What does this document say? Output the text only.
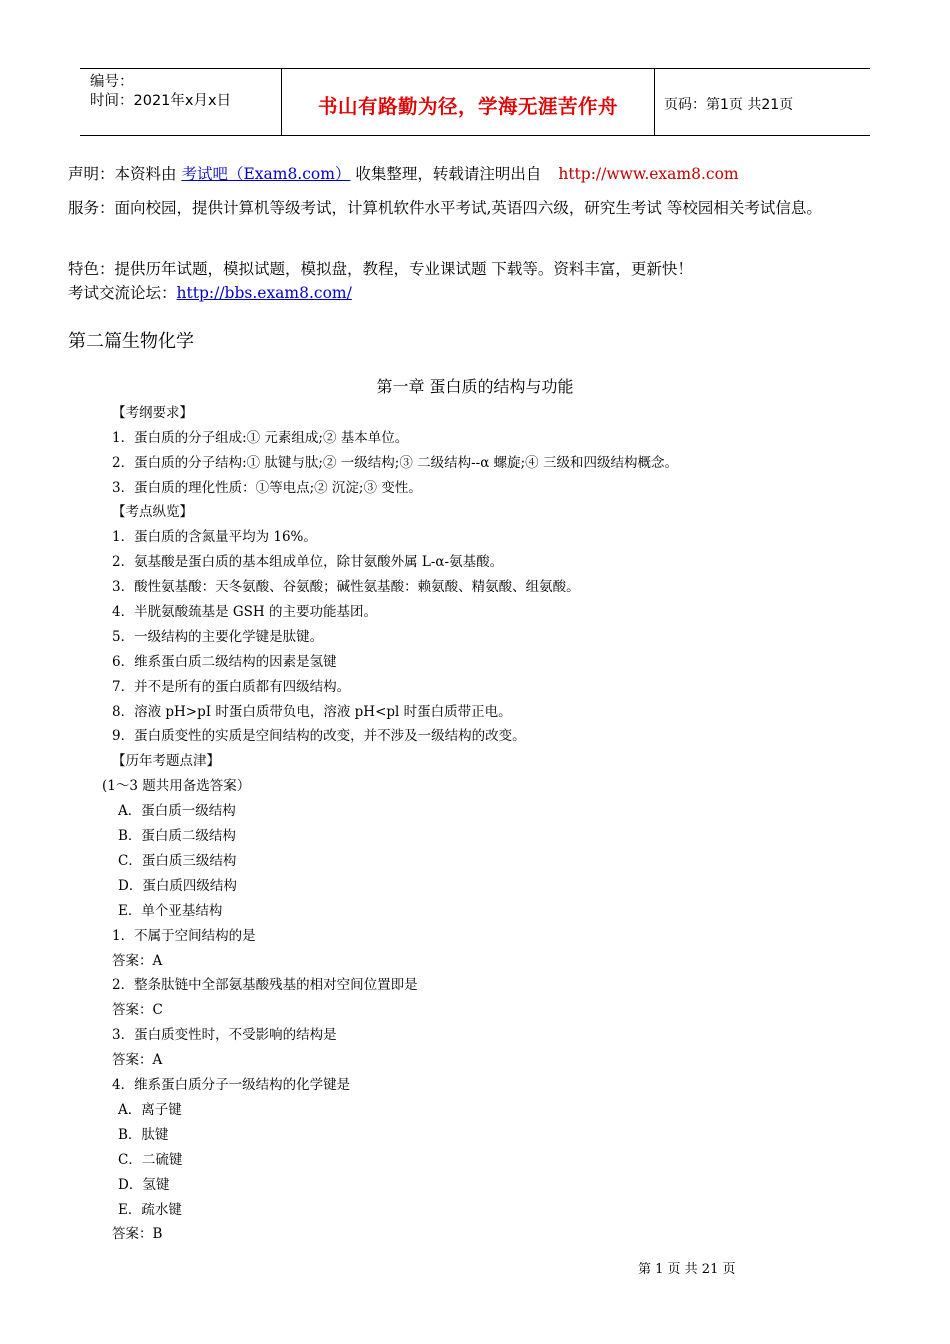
编号：
时间：2021年x月x日	书山有路勤为径，学海无涯苦作舟	页码：第1页 共21页
声明：本资料由 考试吧（Exam8.com） 收集整理，转载请注明出自 http://www.exam8.com
服务：面向校园，提供计算机等级考试，计算机软件水平考试,英语四六级，研究生考试 等校园相关考试信息。
特色：提供历年试题，模拟试题，模拟盘，教程，专业课试题 下载等。资料丰富，更新快！
考试交流论坛：http://bbs.exam8.com/
第二篇生物化学
第一章 蛋白质的结构与功能
【考纲要求】
1．蛋白质的分子组成:① 元素组成;② 基本单位。
2．蛋白质的分子结构:① 肽键与肽;② 一级结构;③ 二级结构--α 螺旋;④ 三级和四级结构概念。
3．蛋白质的理化性质：①等电点;② 沉淀;③ 变性。
【考点纵览】
1．蛋白质的含氮量平均为 16%。
2．氨基酸是蛋白质的基本组成单位，除甘氨酸外属 L-α-氨基酸。
3．酸性氨基酸：天冬氨酸、谷氨酸；碱性氨基酸：赖氨酸、精氨酸、组氨酸。
4．半胱氨酸巯基是 GSH 的主要功能基团。
5．一级结构的主要化学键是肽键。
6．维系蛋白质二级结构的因素是氢键
7．并不是所有的蛋白质都有四级结构。
8．溶液 pH>pI 时蛋白质带负电，溶液 pH<pl 时蛋白质带正电。
9．蛋白质变性的实质是空间结构的改变，并不涉及一级结构的改变。
【历年考题点津】
(1～3 题共用备选答案）
A．蛋白质一级结构
B．蛋白质二级结构
C．蛋白质三级结构
D．蛋白质四级结构
E．单个亚基结构
1．不属于空间结构的是
答案：A
2．整条肽链中全部氨基酸残基的相对空间位置即是
答案：C
3．蛋白质变性时，不受影响的结构是
答案：A
4．维系蛋白质分子一级结构的化学键是
A．离子键
B．肽键
C．二硫键
D．氢键
E．疏水键
答案：B
第 1 页 共 21 页
